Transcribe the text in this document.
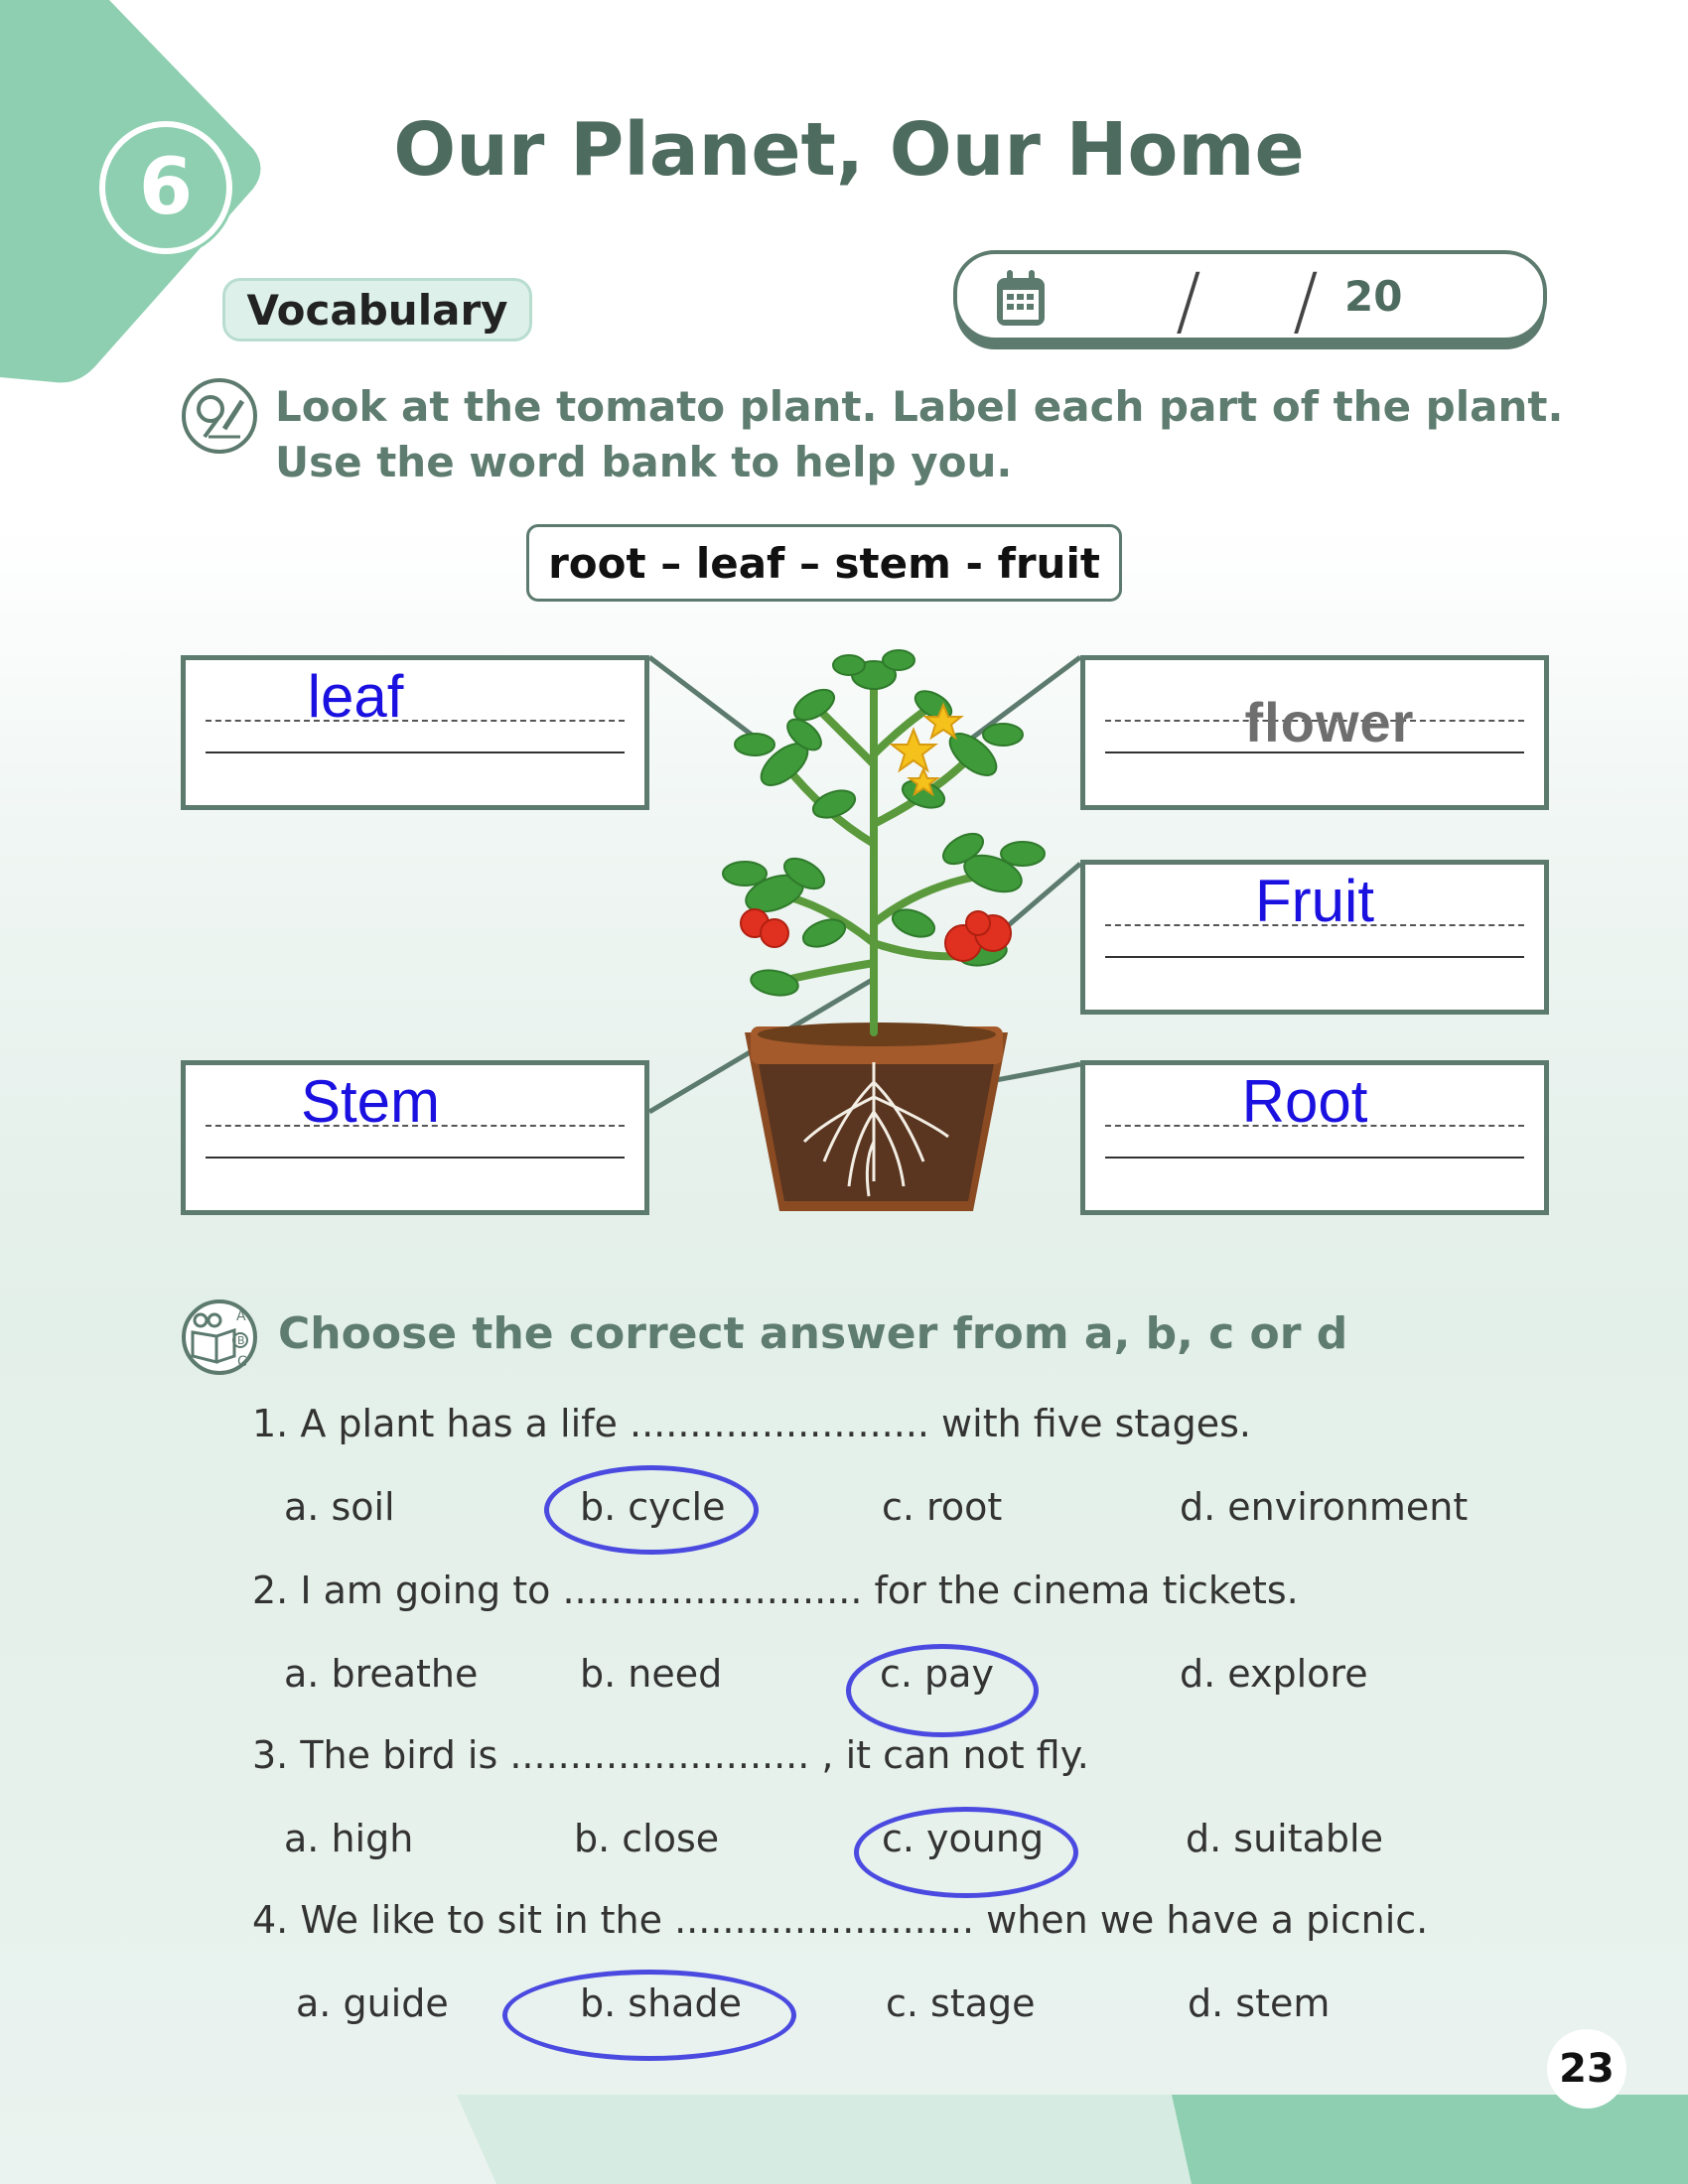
6	Our Planet, Our Home
Vocabulary	/ / 20
Look at the tomato plant. Label each part of the plant.
Use the word bank to help you.
root – leaf – stem - fruit
leaf	flower
Fruit
Stem	Root
A
B
C
Choose the correct answer from a, b, c or d
1. A plant has a life ......................... with five stages.
a. soil	b. cycle	c. root	d. environment
2. I am going to ......................... for the cinema tickets.
a. breathe	b. need	c. pay	d. explore
3. The bird is ......................... , it can not fly.
a. high	b. close	c. young	d. suitable
4. We like to sit in the ......................... when we have a picnic.
a. guide	b. shade	c. stage	d. stem
23
